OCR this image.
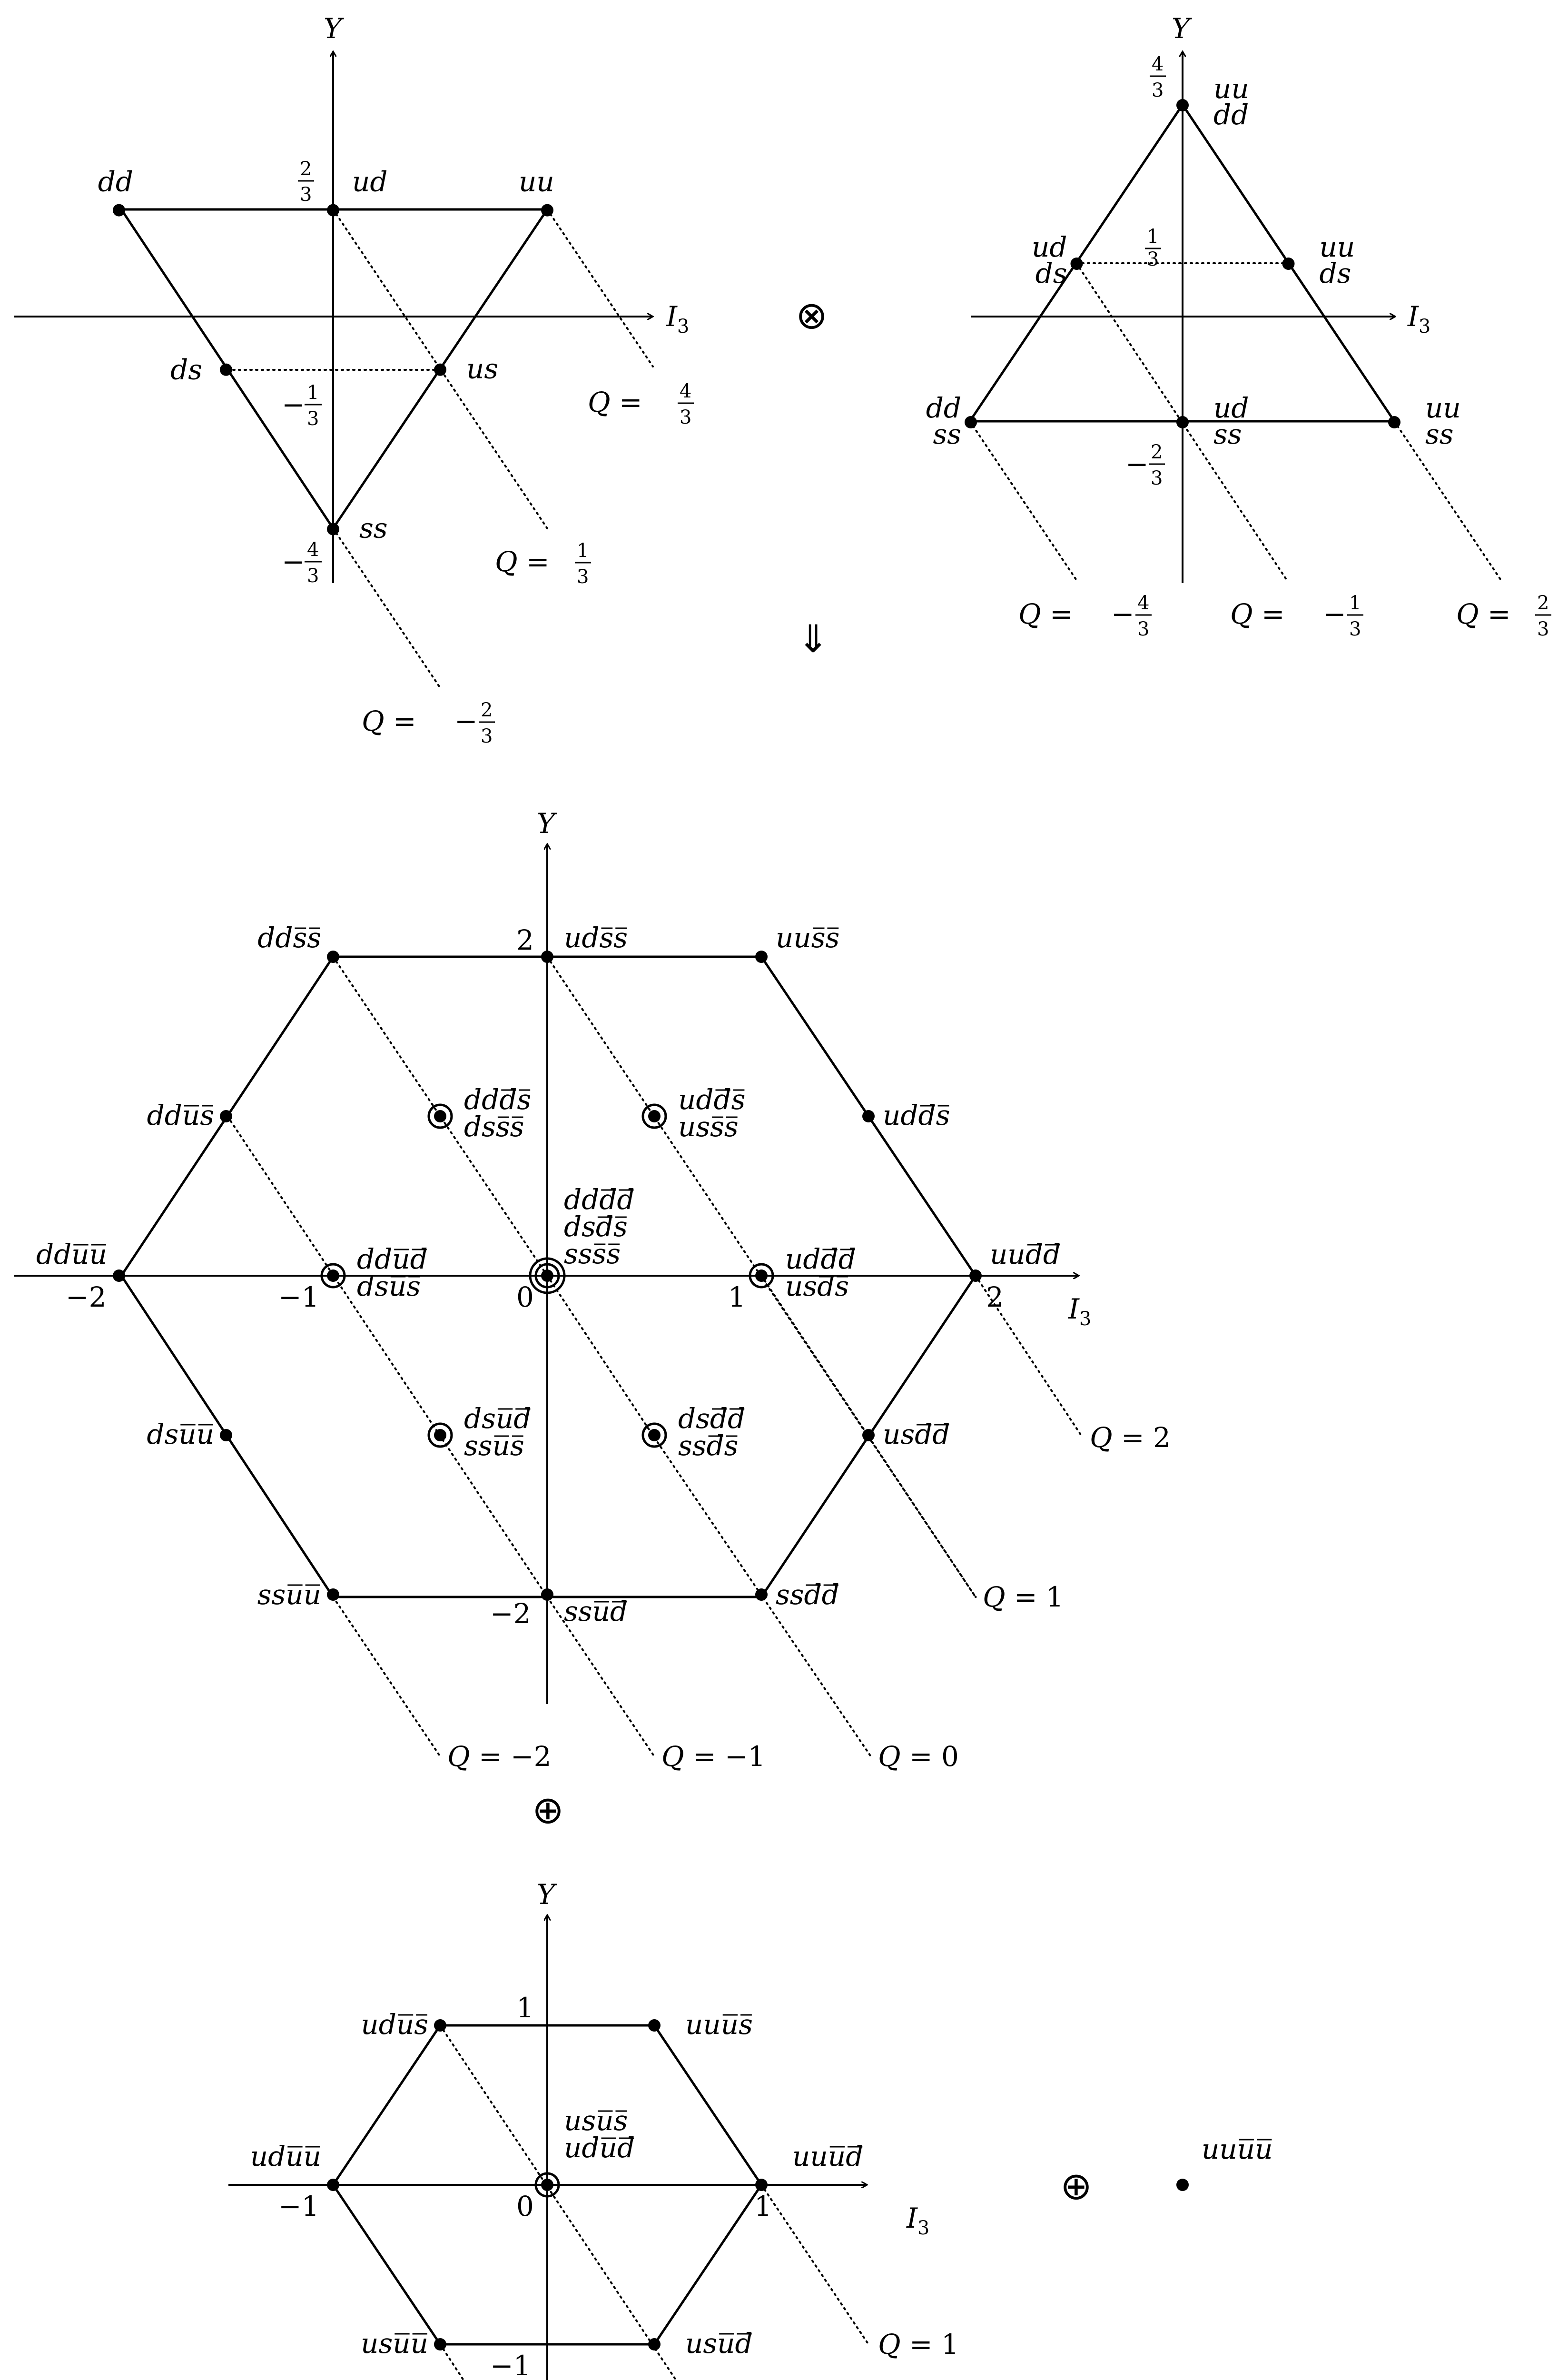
Y
$I_3$
dd	ud	uu
ds	us
ss
2
3
− 1
3
− 4
3
Q = 4
3
Q = 1
3
Q = − 2
3
⊗
⇓
Y
$I_3$
uu
dd
ud
ds
uu
ds
dd
ss
ud
ss
uu
ss
4
3
1
3
− 2
3
Q = − 4
3	Q = − 1
3	Q = 2
3
Y
$I_3$
ddss	udss	uuss
ddus	udds
dduu	uudd
dsuu	usdd
ssuu
ssud
ssdd
ddds
dsss
udds
usss
ddud
dsus
uddd
usds
dddd
dsds
ssss
dsud
ssus
dsdd
ssds
−2	−1	0	1	2
2
−2
Q = −2	Q = −1	Q = 0
Q = 1
Q = 2
⊕
Y
$I_3$
udus	uuus
uduu	uuud
usuu	usud
usus
udud
−1	0	1
1
−1
Q = 1
⊕
uuuu
